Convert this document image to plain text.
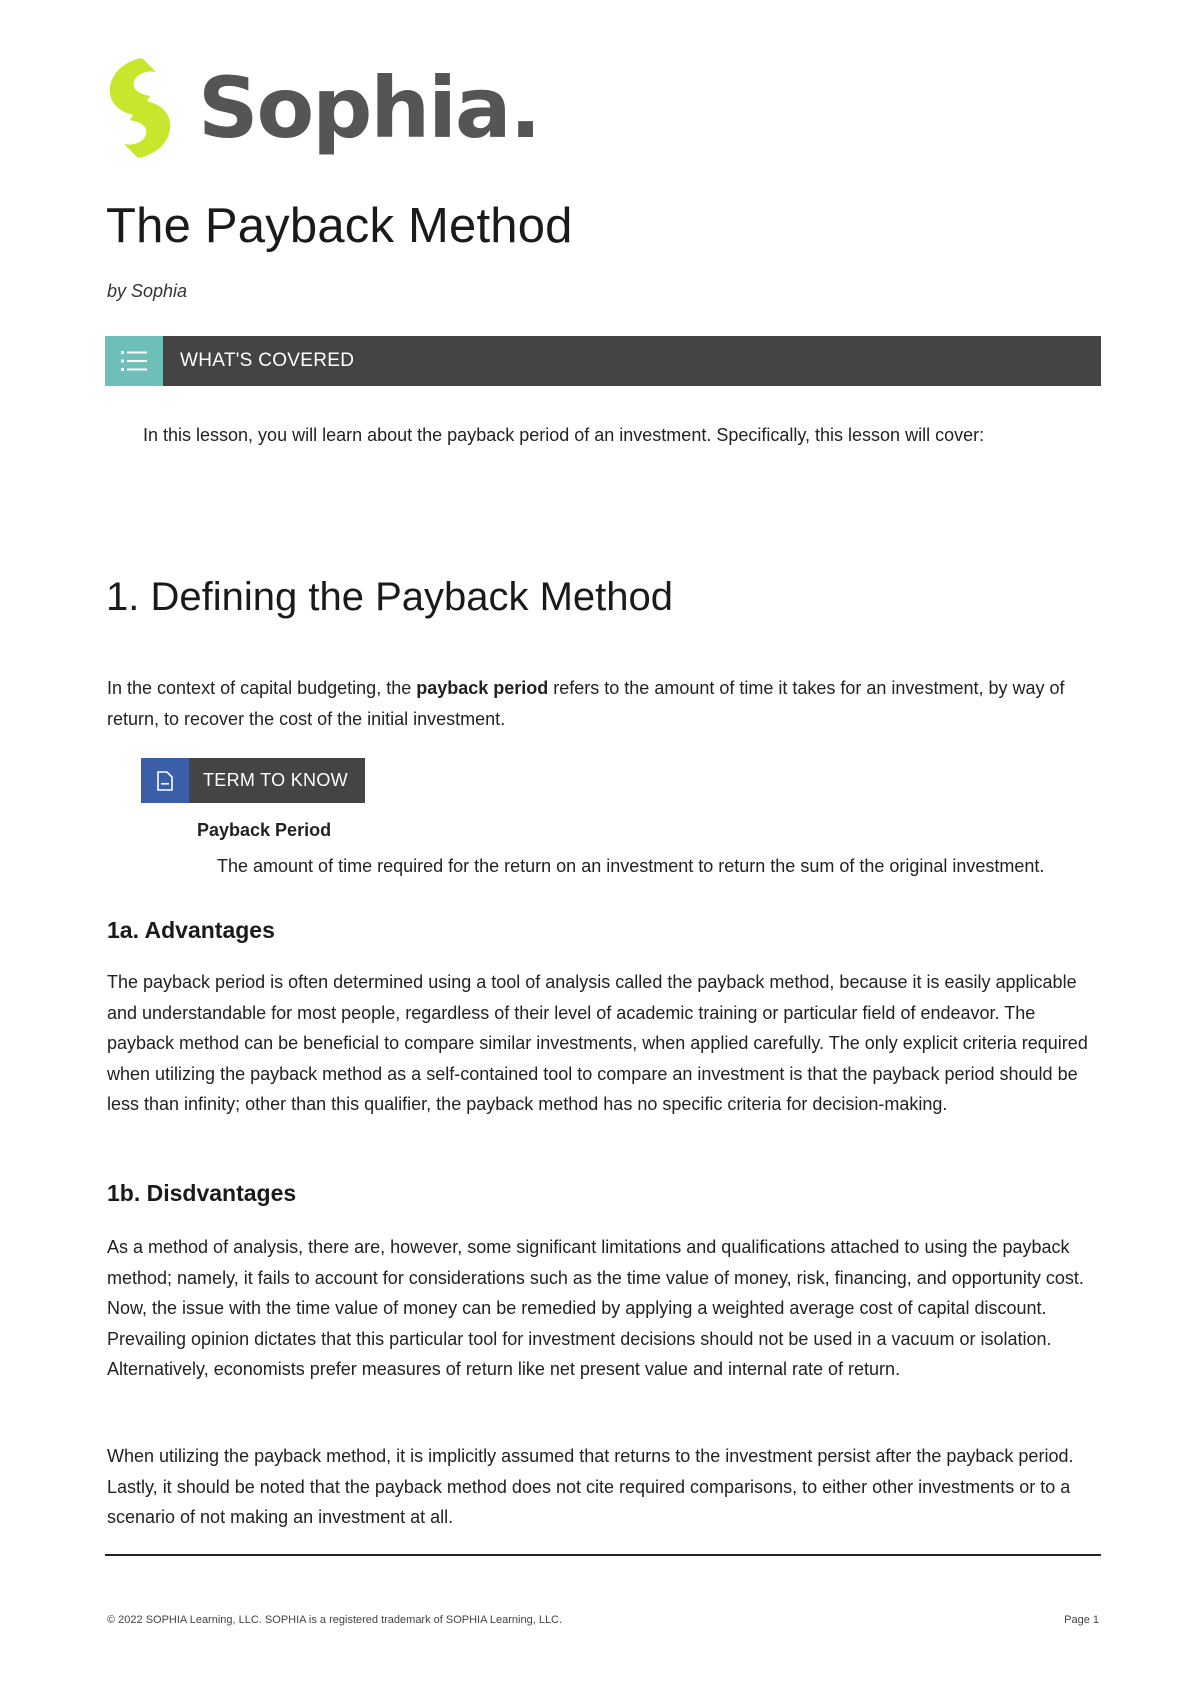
Sophia.
The Payback Method
by Sophia
WHAT'S COVERED

In this lesson, you will learn about the payback period of an investment. Specifically, this lesson will cover:

1. Defining the Payback Method

In the context of capital budgeting, the payback period refers to the amount of time it takes for an investment, by way of return, to recover the cost of the initial investment.

TERM TO KNOW
Payback Period

The amount of time required for the return on an investment to return the sum of the original investment.

1a. Advantages

The payback period is often determined using a tool of analysis called the payback method, because it is easily applicable and understandable for most people, regardless of their level of academic training or particular field of endeavor. The payback method can be beneficial to compare similar investments, when applied carefully. The only explicit criteria required when utilizing the payback method as a self-contained tool to compare an investment is that the payback period should be less than infinity; other than this qualifier, the payback method has no specific criteria for decision-making.

1b. Disdvantages

As a method of analysis, there are, however, some significant limitations and qualifications attached to using the payback method; namely, it fails to account for considerations such as the time value of money, risk, financing, and opportunity cost. Now, the issue with the time value of money can be remedied by applying a weighted average cost of capital discount. Prevailing opinion dictates that this particular tool for investment decisions should not be used in a vacuum or isolation. Alternatively, economists prefer measures of return like net present value and internal rate of return.

When utilizing the payback method, it is implicitly assumed that returns to the investment persist after the payback period. Lastly, it should be noted that the payback method does not cite required comparisons, to either other investments or to a scenario of not making an investment at all.

© 2022 SOPHIA Learning, LLC. SOPHIA is a registered trademark of SOPHIA Learning, LLC.	Page 1
